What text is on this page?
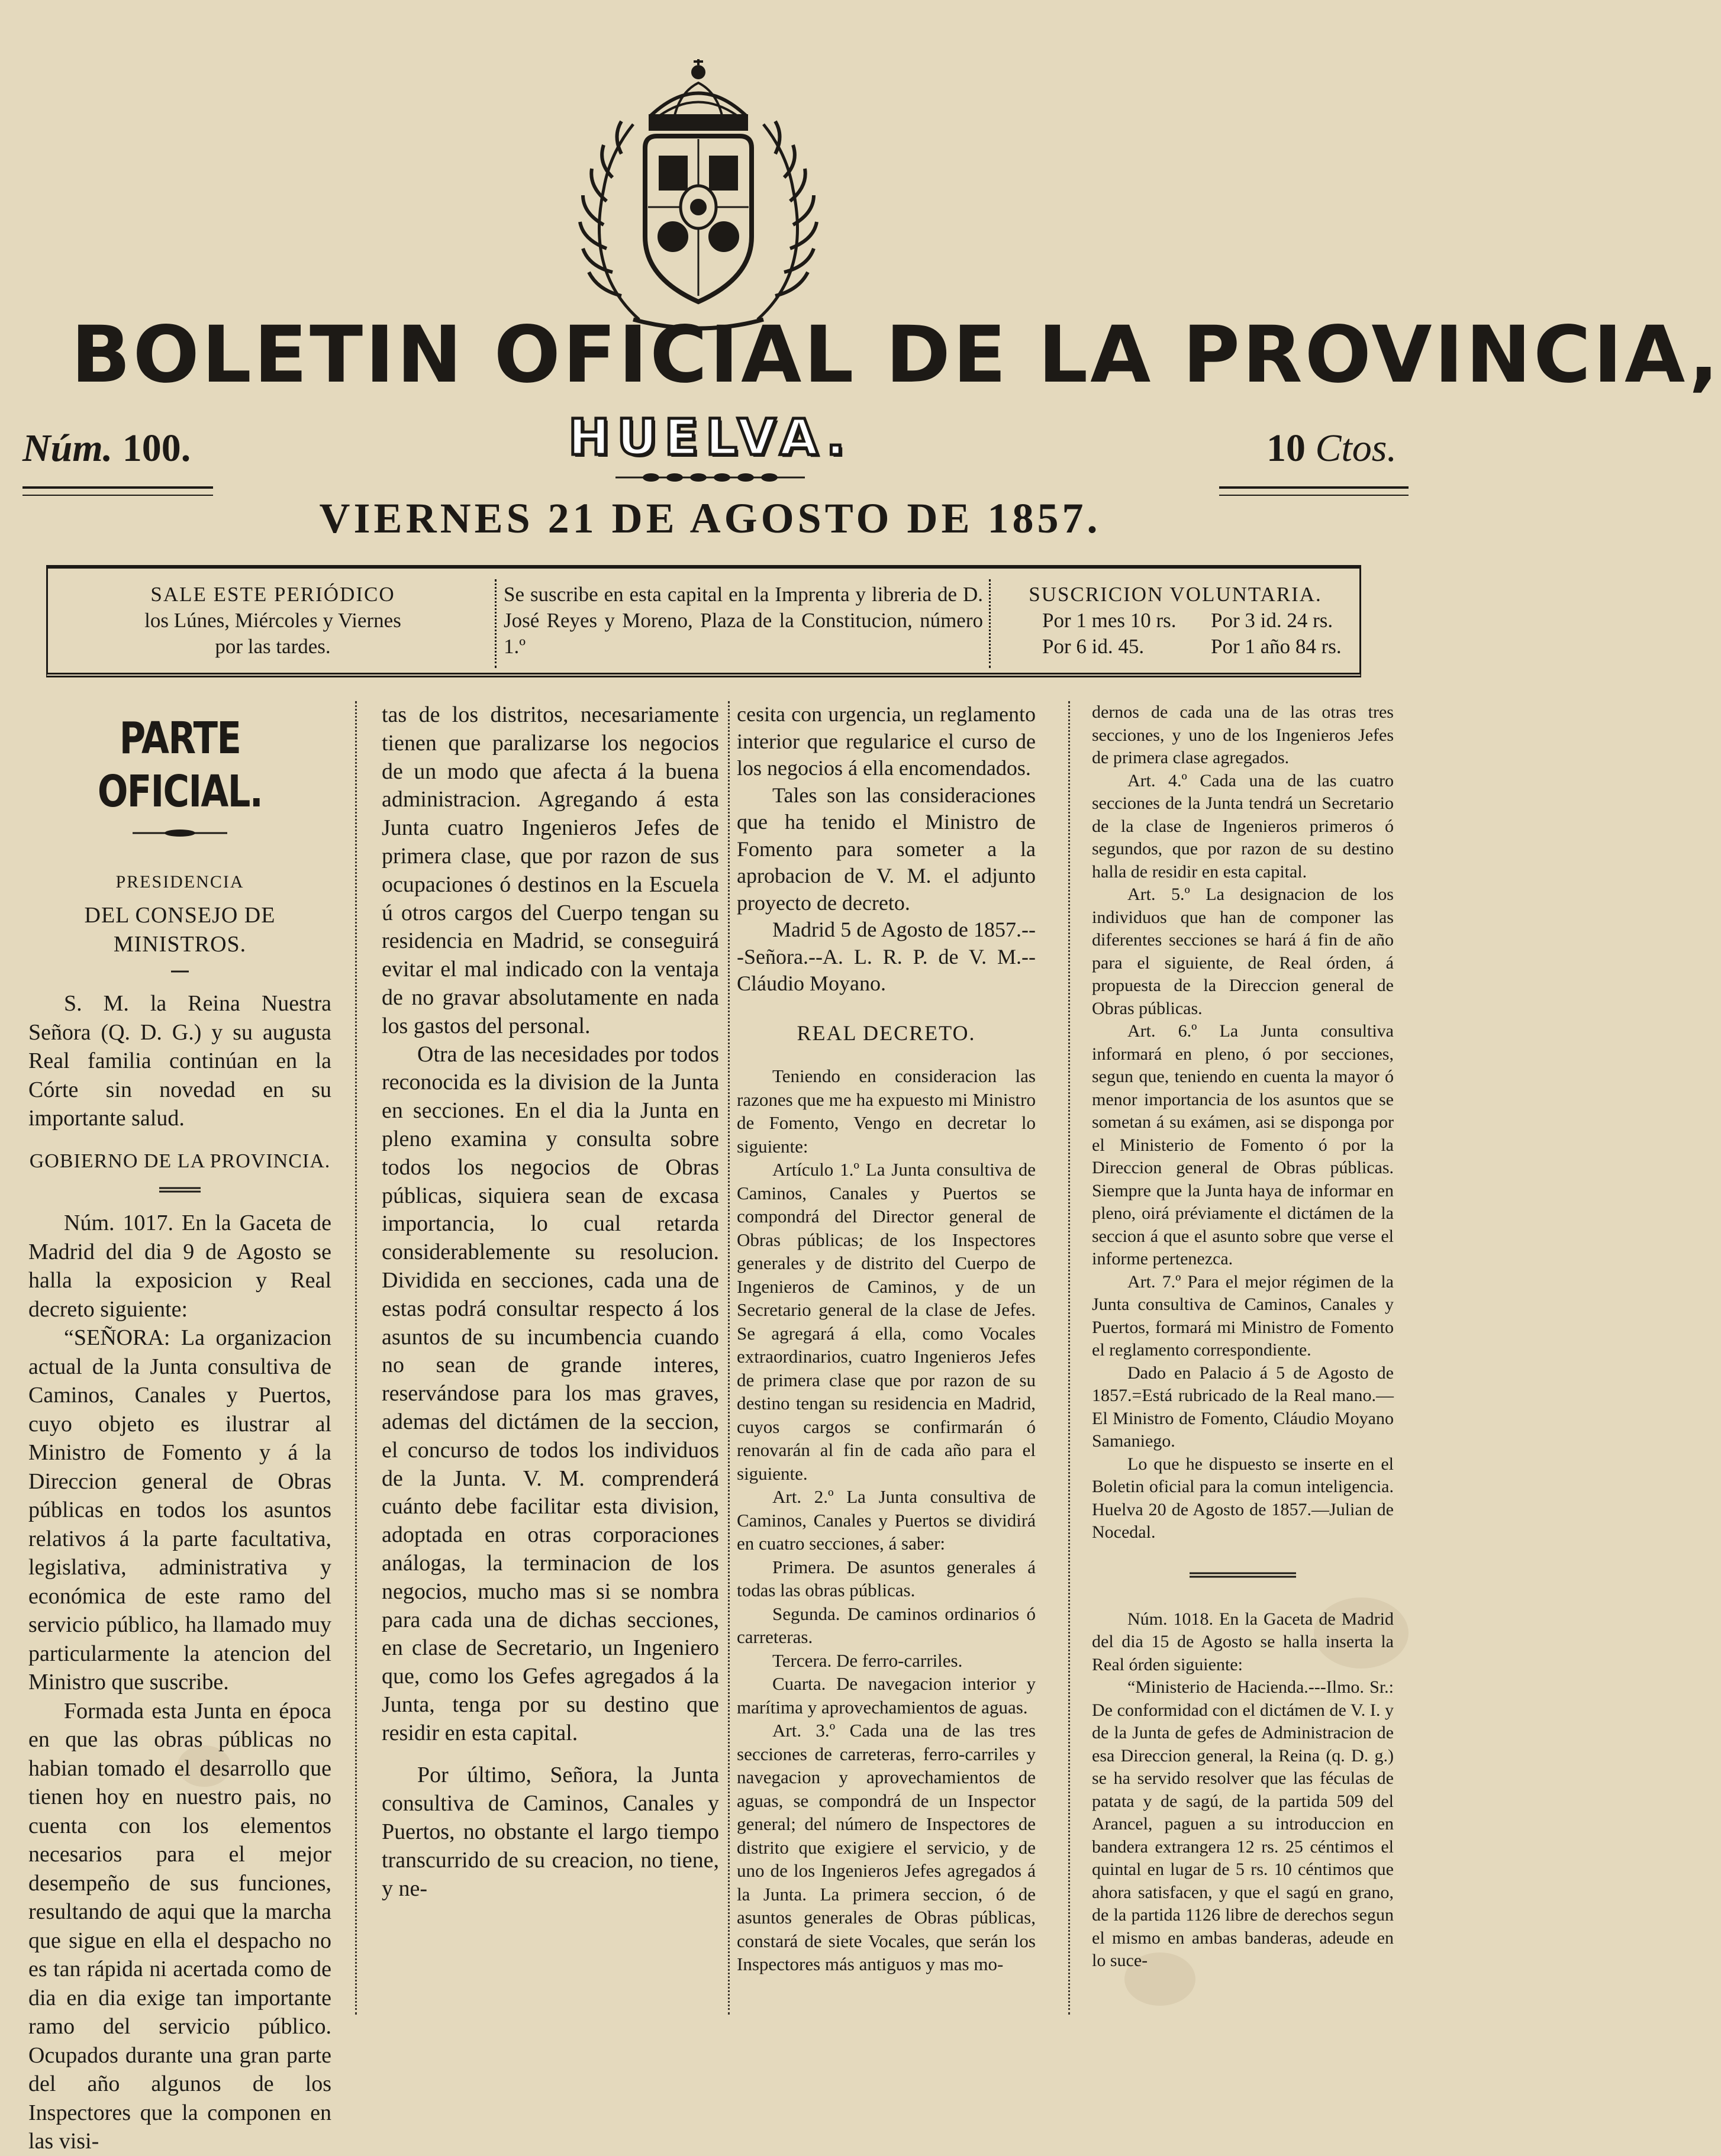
BOLETIN OFICIAL DE LA PROVINCIA,
Núm. 100.	HUELVA.	10 Ctos.
VIERNES 21 DE AGOSTO DE 1857.
SALE ESTE PERIÓDICO
los Lúnes, Miércoles y Viernes
por las tardes.
Se suscribe en esta capital en la Imprenta y libreria de D. José Reyes y Moreno, Plaza de la Constitucion, número 1.º
SUSCRICION VOLUNTARIA.
Por 1 mes 10 rs.	Por 3 id. 24 rs.
Por 6 id. 45.	Por 1 año 84 rs.
PARTE OFICIAL.
PRESIDENCIA
DEL CONSEJO DE MINISTROS.

S. M. la Reina Nuestra Señora (Q. D. G.) y su augusta Real familia continúan en la Córte sin novedad en su importante salud.

GOBIERNO DE LA PROVINCIA.

Núm. 1017. En la Gaceta de Madrid del dia 9 de Agosto se halla la exposicion y Real decreto siguiente:

“SEÑORA: La organizacion actual de la Junta consultiva de Caminos, Canales y Puertos, cuyo objeto es ilustrar al Ministro de Fomento y á la Direccion general de Obras públicas en todos los asuntos relativos á la parte facultativa, legislativa, administrativa y económica de este ramo del servicio público, ha llamado muy particularmente la atencion del Ministro que suscribe.

Formada esta Junta en época en que las obras públicas no habian tomado el desarrollo que tienen hoy en nuestro pais, no cuenta con los elementos necesarios para el mejor desempeño de sus funciones, resultando de aqui que la marcha que sigue en ella el despacho no es tan rápida ni acertada como de dia en dia exige tan importante ramo del servicio público. Ocupados durante una gran parte del año algunos de los Inspectores que la componen en las visi-

tas de los distritos, necesariamente tienen que paralizarse los negocios de un modo que afecta á la buena administracion. Agregando á esta Junta cuatro Ingenieros Jefes de primera clase, que por razon de sus ocupaciones ó destinos en la Escuela ú otros cargos del Cuerpo tengan su residencia en Madrid, se conseguirá evitar el mal indicado con la ventaja de no gravar absolutamente en nada los gastos del personal.

Otra de las necesidades por todos reconocida es la division de la Junta en secciones. En el dia la Junta en pleno examina y consulta sobre todos los negocios de Obras públicas, siquiera sean de excasa importancia, lo cual retarda considerablemente su resolucion. Dividida en secciones, cada una de estas podrá consultar respecto á los asuntos de su incumbencia cuando no sean de grande interes, reservándose para los mas graves, ademas del dictámen de la seccion, el concurso de todos los individuos de la Junta. V. M. comprenderá cuánto debe facilitar esta division, adoptada en otras corporaciones análogas, la terminacion de los negocios, mucho mas si se nombra para cada una de dichas secciones, en clase de Secretario, un Ingeniero que, como los Gefes agregados á la Junta, tenga por su destino que residir en esta capital.

Por último, Señora, la Junta consultiva de Caminos, Canales y Puertos, no obstante el largo tiempo transcurrido de su creacion, no tiene, y ne-

cesita con urgencia, un reglamento interior que regularice el curso de los negocios á ella encomendados.

Tales son las consideraciones que ha tenido el Ministro de Fomento para someter a la aprobacion de V. M. el adjunto proyecto de decreto.

Madrid 5 de Agosto de 1857.---Señora.--A. L. R. P. de V. M.--Cláudio Moyano.

REAL DECRETO.

Teniendo en consideracion las razones que me ha expuesto mi Ministro de Fomento, Vengo en decretar lo siguiente:

Artículo 1.º La Junta consultiva de Caminos, Canales y Puertos se compondrá del Director general de Obras públicas; de los Inspectores generales y de distrito del Cuerpo de Ingenieros de Caminos, y de un Secretario general de la clase de Jefes. Se agregará á ella, como Vocales extraordinarios, cuatro Ingenieros Jefes de primera clase que por razon de su destino tengan su residencia en Madrid, cuyos cargos se confirmarán ó renovarán al fin de cada año para el siguiente.

Art. 2.º La Junta consultiva de Caminos, Canales y Puertos se dividirá en cuatro secciones, á saber:

Primera. De asuntos generales á todas las obras públicas.

Segunda. De caminos ordinarios ó carreteras.

Tercera. De ferro-carriles.

Cuarta. De navegacion interior y marítima y aprovechamientos de aguas.

Art. 3.º Cada una de las tres secciones de carreteras, ferro-carriles y navegacion y aprovechamientos de aguas, se compondrá de un Inspector general; del número de Inspectores de distrito que exigiere el servicio, y de uno de los Ingenieros Jefes agregados á la Junta. La primera seccion, ó de asuntos generales de Obras públicas, constará de siete Vocales, que serán los Inspectores más antiguos y mas mo-

dernos de cada una de las otras tres secciones, y uno de los Ingenieros Jefes de primera clase agregados.

Art. 4.º Cada una de las cuatro secciones de la Junta tendrá un Secretario de la clase de Ingenieros primeros ó segundos, que por razon de su destino halla de residir en esta capital.

Art. 5.º La designacion de los individuos que han de componer las diferentes secciones se hará á fin de año para el siguiente, de Real órden, á propuesta de la Direccion general de Obras públicas.

Art. 6.º La Junta consultiva informará en pleno, ó por secciones, segun que, teniendo en cuenta la mayor ó menor importancia de los asuntos que se sometan á su exámen, asi se disponga por el Ministerio de Fomento ó por la Direccion general de Obras públicas. Siempre que la Junta haya de informar en pleno, oirá préviamente el dictámen de la seccion á que el asunto sobre que verse el informe pertenezca.

Art. 7.º Para el mejor régimen de la Junta consultiva de Caminos, Canales y Puertos, formará mi Ministro de Fomento el reglamento correspondiente.

Dado en Palacio á 5 de Agosto de 1857.=Está rubricado de la Real mano.—El Ministro de Fomento, Cláudio Moyano Samaniego.

Lo que he dispuesto se inserte en el Boletin oficial para la comun inteligencia. Huelva 20 de Agosto de 1857.—Julian de Nocedal.

Núm. 1018. En la Gaceta de Madrid del dia 15 de Agosto se halla inserta la Real órden siguiente:

“Ministerio de Hacienda.---Ilmo. Sr.: De conformidad con el dictámen de V. I. y de la Junta de gefes de Administracion de esa Direccion general, la Reina (q. D. g.) se ha servido resolver que las féculas de patata y de sagú, de la partida 509 del Arancel, paguen a su introduccion en bandera extrangera 12 rs. 25 céntimos el quintal en lugar de 5 rs. 10 céntimos que ahora satisfacen, y que el sagú en grano, de la partida 1126 libre de derechos segun el mismo en ambas banderas, adeude en lo suce-
